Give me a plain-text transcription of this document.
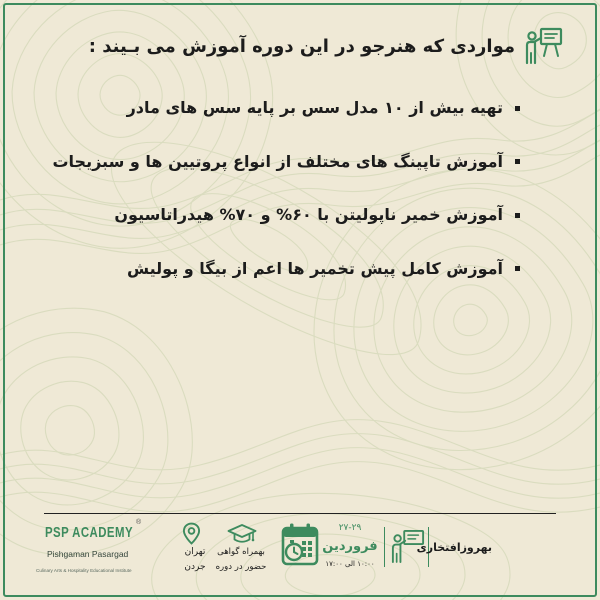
مواردی که هنرجو در این دوره آموزش می بـیند :
تهیه بیش از ۱۰ مدل سس بر پایه سس های مادر
آموزش تاپینگ های مختلف از انواع پروتیین ها و سبزیجات
آموزش خمیر ناپولیتن با ۶۰% و ۷۰% هیدراتاسیون
آموزش کامل پیش تخمیر ها اعم از بیگا و پولیش
PSP ACADEMY
®
Pishgaman Pasargad
Culinary Arts & Hospitality Educational Institute
تهران
جردن
بهمراه گواهی
حضور در دوره
۲۷-۲۹
فروردین
۱۰:۰۰ الی ۱۷:۰۰
بهروزافتخاری
